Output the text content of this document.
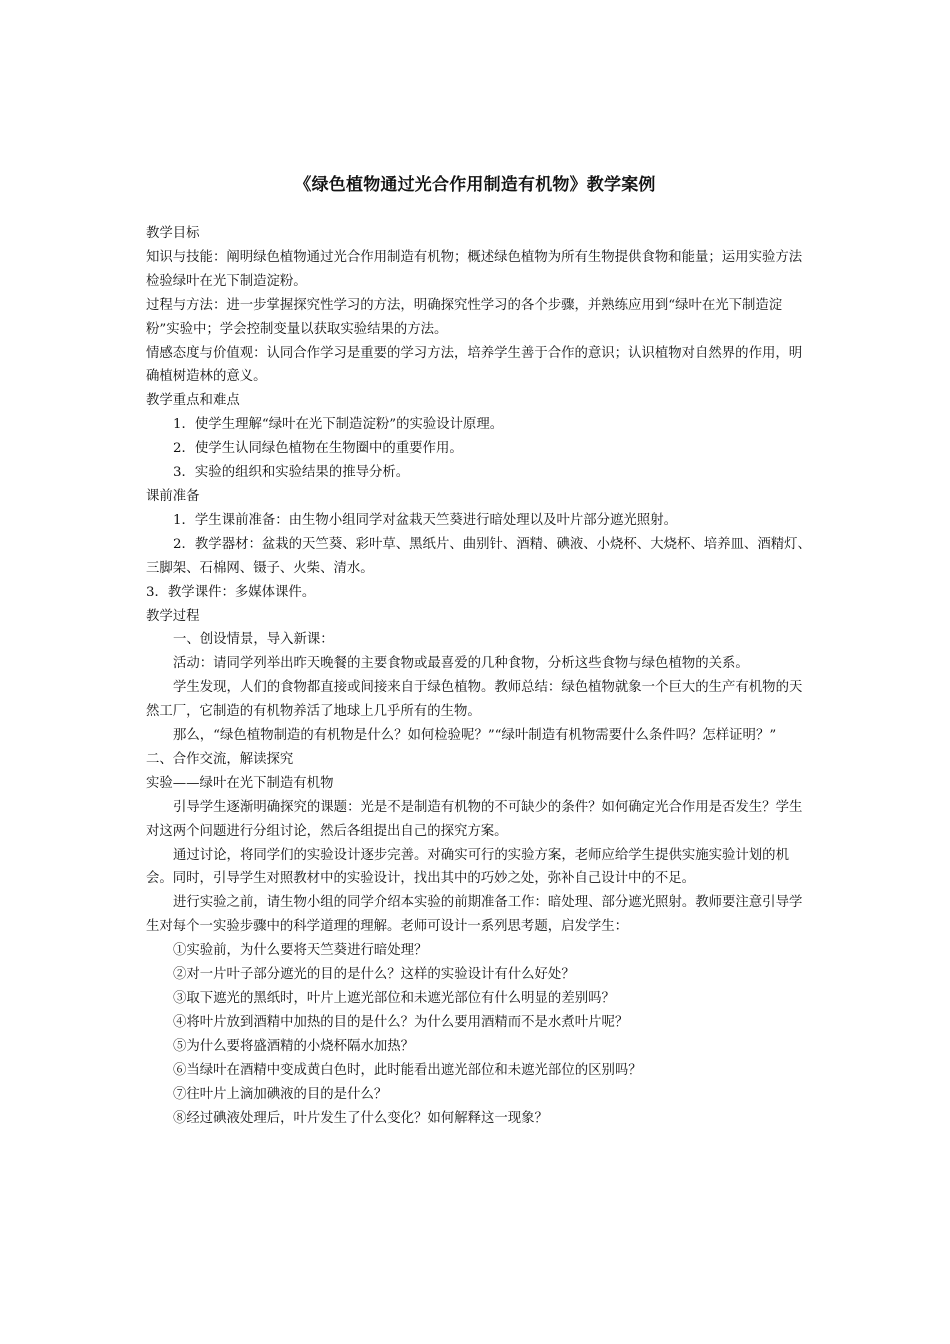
《绿色植物通过光合作用制造有机物》教学案例

教学目标

知识与技能：阐明绿色植物通过光合作用制造有机物；概述绿色植物为所有生物提供食物和能量；运用实验方法检验绿叶在光下制造淀粉。

过程与方法：进一步掌握探究性学习的方法，明确探究性学习的各个步骤，并熟练应用到“绿叶在光下制造淀粉”实验中；学会控制变量以获取实验结果的方法。

情感态度与价值观：认同合作学习是重要的学习方法，培养学生善于合作的意识；认识植物对自然界的作用，明确植树造林的意义。

教学重点和难点

1．使学生理解“绿叶在光下制造淀粉”的实验设计原理。

2．使学生认同绿色植物在生物圈中的重要作用。

3．实验的组织和实验结果的推导分析。

课前准备

1．学生课前准备：由生物小组同学对盆栽天竺葵进行暗处理以及叶片部分遮光照射。

2．教学器材：盆栽的天竺葵、彩叶草、黑纸片、曲别针、酒精、碘液、小烧杯、大烧杯、培养皿、酒精灯、三脚架、石棉网、镊子、火柴、清水。

3．教学课件：多媒体课件。

教学过程

一、创设情景，导入新课：

活动：请同学列举出昨天晚餐的主要食物或最喜爱的几种食物，分析这些食物与绿色植物的关系。

学生发现，人们的食物都直接或间接来自于绿色植物。教师总结：绿色植物就象一个巨大的生产有机物的天然工厂，它制造的有机物养活了地球上几乎所有的生物。

那么，“绿色植物制造的有机物是什么？如何检验呢？”“绿叶制造有机物需要什么条件吗？怎样证明？”

二、合作交流，解读探究

实验——绿叶在光下制造有机物

引导学生逐渐明确探究的课题：光是不是制造有机物的不可缺少的条件？如何确定光合作用是否发生？学生对这两个问题进行分组讨论，然后各组提出自己的探究方案。

通过讨论，将同学们的实验设计逐步完善。对确实可行的实验方案，老师应给学生提供实施实验计划的机会。同时，引导学生对照教材中的实验设计，找出其中的巧妙之处，弥补自己设计中的不足。

进行实验之前，请生物小组的同学介绍本实验的前期准备工作：暗处理、部分遮光照射。教师要注意引导学生对每个一实验步骤中的科学道理的理解。老师可设计一系列思考题，启发学生：

①实验前，为什么要将天竺葵进行暗处理？

②对一片叶子部分遮光的目的是什么？这样的实验设计有什么好处？

③取下遮光的黑纸时，叶片上遮光部位和未遮光部位有什么明显的差别吗？

④将叶片放到酒精中加热的目的是什么？为什么要用酒精而不是水煮叶片呢？

⑤为什么要将盛酒精的小烧杯隔水加热？

⑥当绿叶在酒精中变成黄白色时，此时能看出遮光部位和未遮光部位的区别吗？

⑦往叶片上滴加碘液的目的是什么？

⑧经过碘液处理后，叶片发生了什么变化？如何解释这一现象？
